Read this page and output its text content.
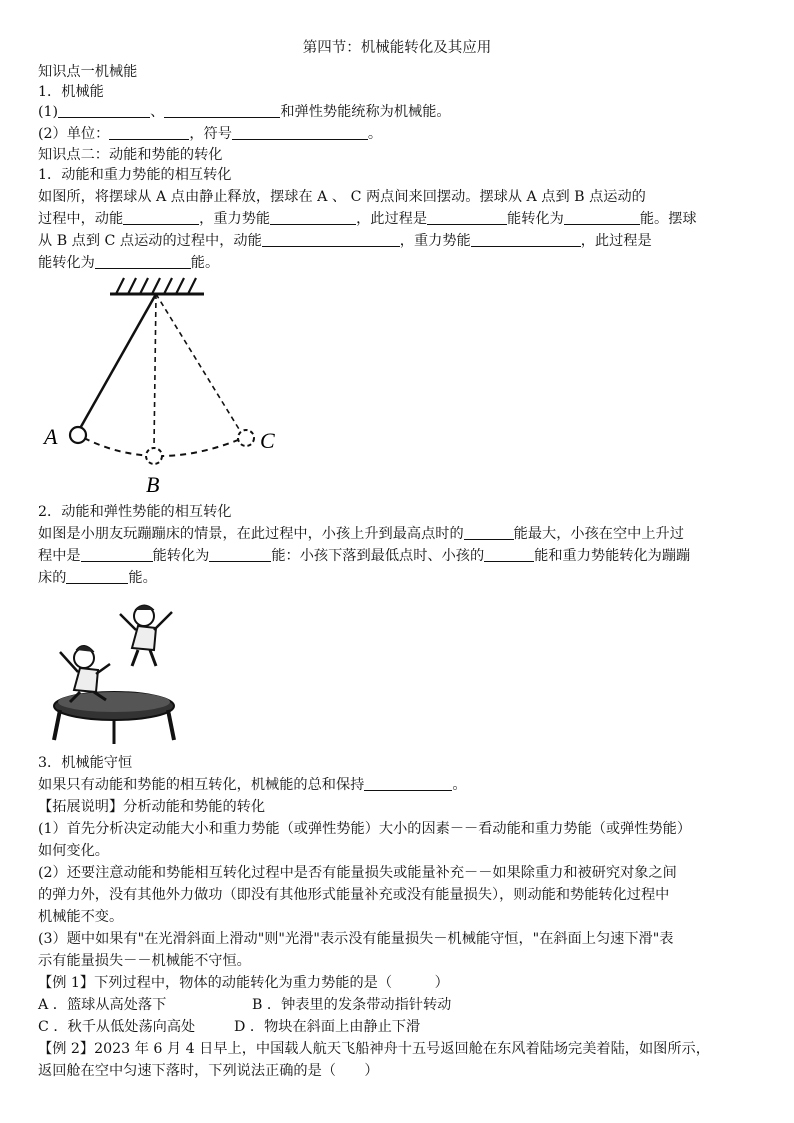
第四节：机械能转化及其应用
知识点一机械能
1．机械能
(1)	、	和弹性势能统称为机械能。
(2）单位：	，符号	。
知识点二：动能和势能的转化
1．动能和重力势能的相互转化
如图所，将摆球从 A 点由静止释放，摆球在 A 、 C 两点间来回摆动。摆球从 A 点到 B 点运动的
过程中，动能	，重力势能	，此过程是	能转化为	能。摆球
从 B 点到 C 点运动的过程中，动能	，重力势能	，此过程是
能转化为	能。
A
B
C
2．动能和弹性势能的相互转化
如图是小朋友玩蹦蹦床的情景，在此过程中，小孩上升到最高点时的	能最大，小孩在空中上升过
程中是	能转化为	能：小孩下落到最低点时、小孩的	能和重力势能转化为蹦蹦
床的	能。
3．机械能守恒
如果只有动能和势能的相互转化，机械能的总和保持	。
【拓展说明】分析动能和势能的转化
(1）首先分析决定动能大小和重力势能（或弹性势能）大小的因素－－看动能和重力势能（或弹性势能）
如何变化。
(2）还要注意动能和势能相互转化过程中是否有能量损失或能量补充－－如果除重力和被研究对象之间
的弹力外，没有其他外力做功（即没有其他形式能量补充或没有能量损失），则动能和势能转化过程中
机械能不变。
(3）题中如果有"在光滑斜面上滑动"则"光滑"表示没有能量损失－机械能守恒，"在斜面上匀速下滑"表
示有能量损失－－机械能不守恒。
【例 1】下列过程中，物体的动能转化为重力势能的是（　　　）
A ．篮球从高处落下	B ．钟表里的发条带动指针转动
C ．秋千从低处荡向高处	D ．物块在斜面上由静止下滑
【例 2】2023 年 6 月 4 日早上，中国载人航天飞船神舟十五号返回舱在东风着陆场完美着陆，如图所示，
返回舱在空中匀速下落时，下列说法正确的是（　　）
